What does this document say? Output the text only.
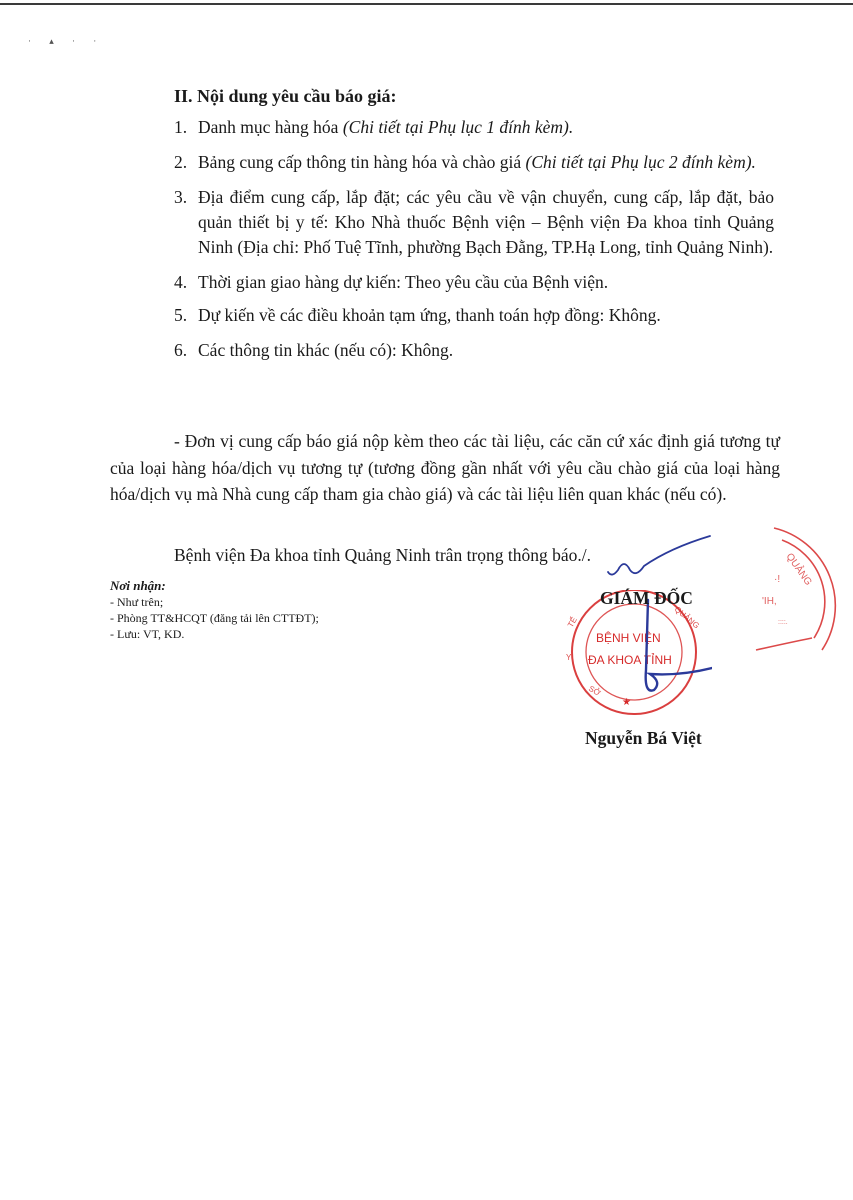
· ▴ · ·
II. Nội dung yêu cầu báo giá:
1. Danh mục hàng hóa (Chi tiết tại Phụ lục 1 đính kèm).
2. Bảng cung cấp thông tin hàng hóa và chào giá (Chi tiết tại Phụ lục 2 đính kèm).
3. Địa điểm cung cấp, lắp đặt; các yêu cầu về vận chuyển, cung cấp, lắp đặt, bảo quản thiết bị y tế: Kho Nhà thuốc Bệnh viện – Bệnh viện Đa khoa tỉnh Quảng Ninh (Địa chỉ: Phố Tuệ Tĩnh, phường Bạch Đằng, TP.Hạ Long, tỉnh Quảng Ninh).
4. Thời gian giao hàng dự kiến: Theo yêu cầu của Bệnh viện.
5. Dự kiến về các điều khoản tạm ứng, thanh toán hợp đồng: Không.
6. Các thông tin khác (nếu có): Không.

- Đơn vị cung cấp báo giá nộp kèm theo các tài liệu, các căn cứ xác định giá tương tự của loại hàng hóa/dịch vụ tương tự (tương đồng gần nhất với yêu cầu chào giá của loại hàng hóa/dịch vụ mà Nhà cung cấp tham gia chào giá) và các tài liệu liên quan khác (nếu có).

Bệnh viện Đa khoa tỉnh Quảng Ninh trân trọng thông báo./.

Nơi nhận:
- Như trên;
- Phòng TT&HCQT (đăng tải lên CTTĐT);
- Lưu: VT, KD.
QUẢNG
·!
'IH,
::::.
BỆNH VIỆN
ĐA KHOA TỈNH
★
TẾ	QUẢNG
Y
SỞ
GIÁM ĐỐC
Nguyễn Bá Việt
